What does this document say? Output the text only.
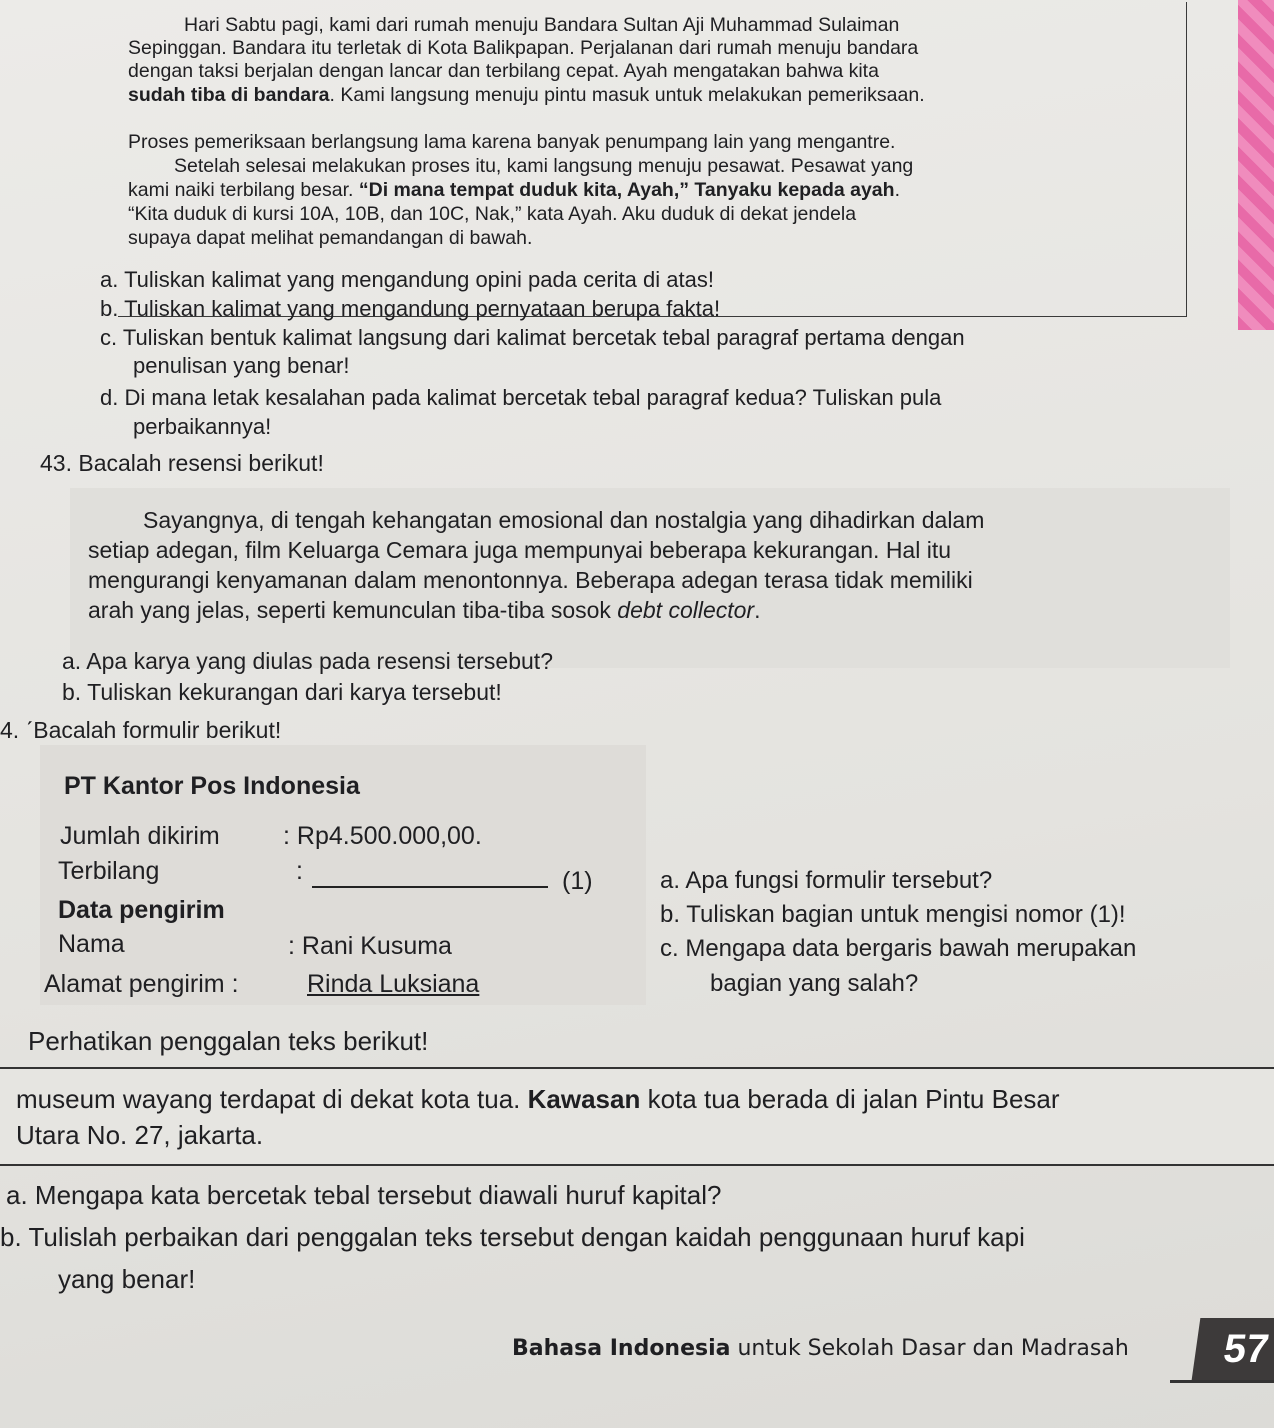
Hari Sabtu pagi, kami dari rumah menuju Bandara Sultan Aji Muhammad Sulaiman
Sepinggan. Bandara itu terletak di Kota Balikpapan. Perjalanan dari rumah menuju bandara
dengan taksi berjalan dengan lancar dan terbilang cepat. Ayah mengatakan bahwa kita
sudah tiba di bandara. Kami langsung menuju pintu masuk untuk melakukan pemeriksaan.
Proses pemeriksaan berlangsung lama karena banyak penumpang lain yang mengantre.
Setelah selesai melakukan proses itu, kami langsung menuju pesawat. Pesawat yang
kami naiki terbilang besar. “Di mana tempat duduk kita, Ayah,” Tanyaku kepada ayah.
“Kita duduk di kursi 10A, 10B, dan 10C, Nak,” kata Ayah. Aku duduk di dekat jendela
supaya dapat melihat pemandangan di bawah.
a. Tuliskan kalimat yang mengandung opini pada cerita di atas!
b. Tuliskan kalimat yang mengandung pernyataan berupa fakta!
c. Tuliskan bentuk kalimat langsung dari kalimat bercetak tebal paragraf pertama dengan
penulisan yang benar!
d. Di mana letak kesalahan pada kalimat bercetak tebal paragraf kedua? Tuliskan pula
perbaikannya!
43. Bacalah resensi berikut!
Sayangnya, di tengah kehangatan emosional dan nostalgia yang dihadirkan dalam
setiap adegan, film Keluarga Cemara juga mempunyai beberapa kekurangan. Hal itu
mengurangi kenyamanan dalam menontonnya. Beberapa adegan terasa tidak memiliki
arah yang jelas, seperti kemunculan tiba-tiba sosok debt collector.
a. Apa karya yang diulas pada resensi tersebut?
b. Tuliskan kekurangan dari karya tersebut!
4. ˊBacalah formulir berikut!
PT Kantor Pos Indonesia
Jumlah dikirim	: Rp4.500.000,00.
Terbilang	:	(1)
Data pengirim
Nama	: Rani Kusuma
Alamat pengirim :	Rinda Luksiana
a. Apa fungsi formulir tersebut?
b. Tuliskan bagian untuk mengisi nomor (1)!
c. Mengapa data bergaris bawah merupakan
bagian yang salah?
Perhatikan penggalan teks berikut!
museum wayang terdapat di dekat kota tua. Kawasan kota tua berada di jalan Pintu Besar
Utara No. 27, jakarta.
a. Mengapa kata bercetak tebal tersebut diawali huruf kapital?
b. Tulislah perbaikan dari penggalan teks tersebut dengan kaidah penggunaan huruf kapi
yang benar!
Bahasa Indonesia untuk Sekolah Dasar dan Madrasah	57
